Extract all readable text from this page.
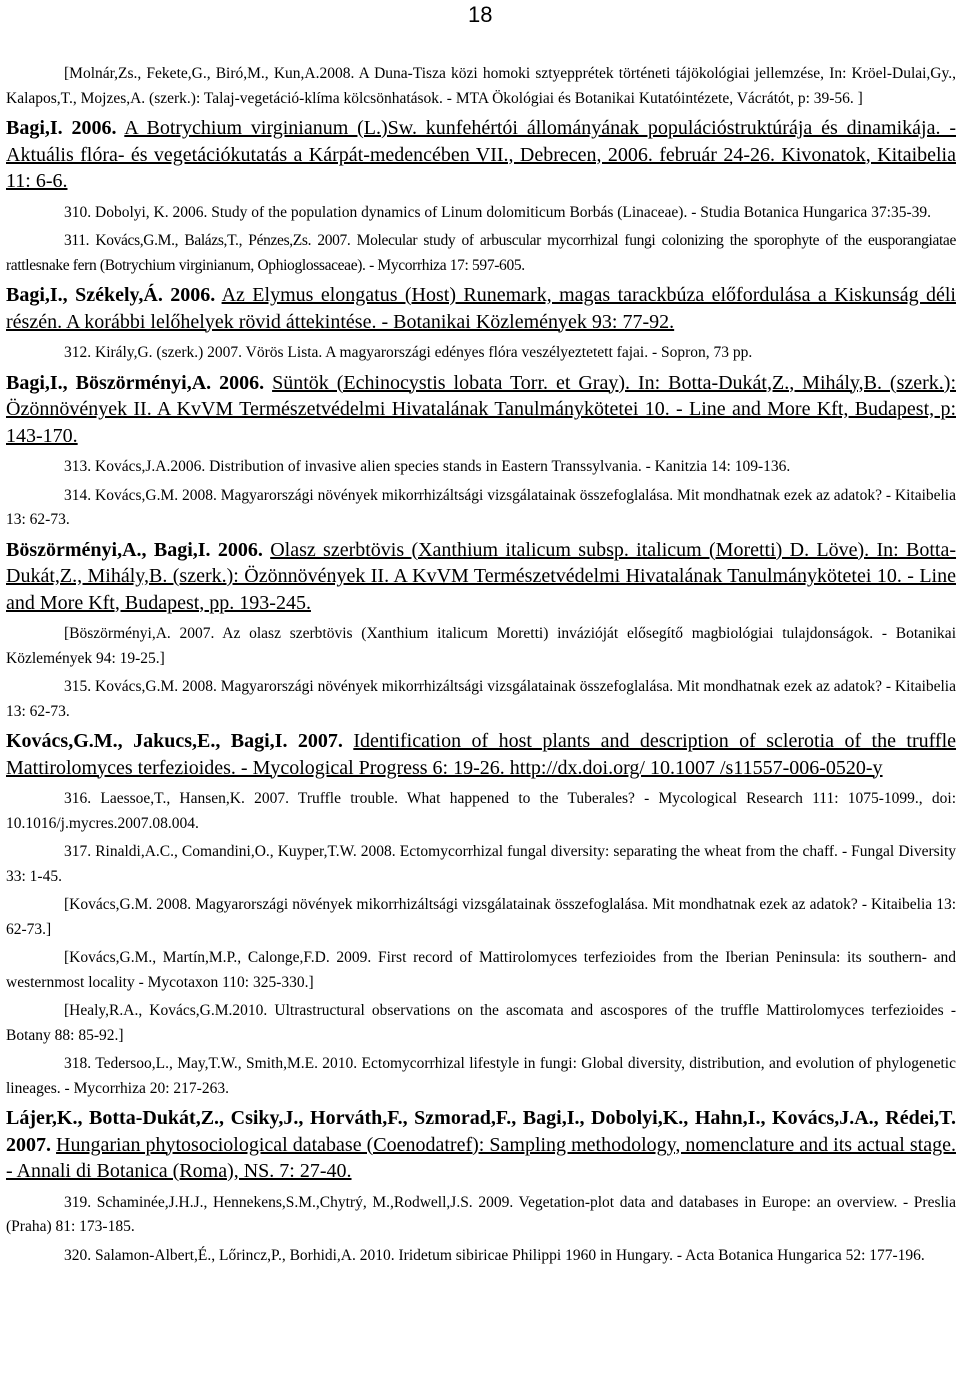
18

[Molnár,Zs., Fekete,G., Biró,M., Kun,A.2008. A Duna-Tisza közi homoki sztyepprétek történeti tájökológiai jellemzése, In: Kröel-Dulai,Gy., Kalapos,T., Mojzes,A. (szerk.): Talaj-vegetáció-klíma kölcsönhatások. - MTA Ökológiai és Botanikai Kutatóintézete, Vácrátót, p: 39-56. ]

Bagi,I. 2006. A Botrychium virginianum (L.)Sw. kunfehértói állományának populációstruktúrája és dinamikája. - Aktuális flóra- és vegetációkutatás a Kárpát-medencében VII., Debrecen, 2006. február 24-26. Kivonatok, Kitaibelia 11: 6-6.

310. Dobolyi, K. 2006. Study of the population dynamics of Linum dolomiticum Borbás (Linaceae). - Studia Botanica Hungarica 37:35-39.

311. Kovács,G.M., Balázs,T., Pénzes,Zs. 2007. Molecular study of arbuscular mycorrhizal fungi colonizing the sporophyte of the eusporangiatae rattlesnake fern (Botrychium virginianum, Ophioglossaceae). - Mycorrhiza 17: 597-605.

Bagi,I., Székely,Á. 2006. Az Elymus elongatus (Host) Runemark, magas tarackbúza előfordulása a Kiskunság déli részén. A korábbi lelőhelyek rövid áttekintése. - Botanikai Közlemények 93: 77-92.

312. Király,G. (szerk.) 2007. Vörös Lista. A magyarországi edényes flóra veszélyeztetett fajai. - Sopron, 73 pp.

Bagi,I., Böszörményi,A. 2006. Süntök (Echinocystis lobata Torr. et Gray). In: Botta-Dukát,Z., Mihály,B. (szerk.): Özönnövények II. A KvVM Természetvédelmi Hivatalának Tanulmánykötetei 10. - Line and More Kft, Budapest, p: 143-170.

313. Kovács,J.A.2006. Distribution of invasive alien species stands in Eastern Transsylvania. - Kanitzia 14: 109-136.

314. Kovács,G.M. 2008. Magyarországi növények mikorrhizáltsági vizsgálatainak összefoglalása. Mit mondhatnak ezek az adatok? - Kitaibelia 13: 62-73.

Böszörményi,A., Bagi,I. 2006. Olasz szerbtövis (Xanthium italicum subsp. italicum (Moretti) D. Löve). In: Botta-Dukát,Z., Mihály,B. (szerk.): Özönnövények II. A KvVM Természetvédelmi Hivatalának Tanulmánykötetei 10. - Line and More Kft, Budapest, pp. 193-245.

[Böszörményi,A. 2007. Az olasz szerbtövis (Xanthium italicum Moretti) invázióját elősegítő magbiológiai tulajdonságok. - Botanikai Közlemények 94: 19-25.]

315. Kovács,G.M. 2008. Magyarországi növények mikorrhizáltsági vizsgálatainak összefoglalása. Mit mondhatnak ezek az adatok? - Kitaibelia 13: 62-73.

Kovács,G.M., Jakucs,E., Bagi,I. 2007. Identification of host plants and description of sclerotia of the truffle Mattirolomyces terfezioides. - Mycological Progress 6: 19-26. http://dx.doi.org/ 10.1007 /s11557-006-0520-y

316. Laessoe,T., Hansen,K. 2007. Truffle trouble. What happened to the Tuberales? - Mycological Research 111: 1075-1099., doi: 10.1016/j.mycres.2007.08.004.

317. Rinaldi,A.C., Comandini,O., Kuyper,T.W. 2008. Ectomycorrhizal fungal diversity: separating the wheat from the chaff. - Fungal Diversity 33: 1-45.

[Kovács,G.M. 2008. Magyarországi növények mikorrhizáltsági vizsgálatainak összefoglalása. Mit mondhatnak ezek az adatok? - Kitaibelia 13: 62-73.]

[Kovács,G.M., Martín,M.P., Calonge,F.D. 2009. First record of Mattirolomyces terfezioides from the Iberian Peninsula: its southern- and westernmost locality - Mycotaxon 110: 325-330.]

[Healy,R.A., Kovács,G.M.2010. Ultrastructural observations on the ascomata and ascospores of the truffle Mattirolomyces terfezioides - Botany 88: 85-92.]

318. Tedersoo,L., May,T.W., Smith,M.E. 2010. Ectomycorrhizal lifestyle in fungi: Global diversity, distribution, and evolution of phylogenetic lineages. - Mycorrhiza 20: 217-263.

Lájer,K., Botta-Dukát,Z., Csiky,J., Horváth,F., Szmorad,F., Bagi,I., Dobolyi,K., Hahn,I., Kovács,J.A., Rédei,T. 2007. Hungarian phytosociological database (Coenodatref): Sampling methodology, nomenclature and its actual stage. - Annali di Botanica (Roma), NS. 7: 27-40.

319. Schaminée,J.H.J., Hennekens,S.M.,Chytrý, M.,Rodwell,J.S. 2009. Vegetation-plot data and databases in Europe: an overview. - Preslia (Praha) 81: 173-185.

320. Salamon-Albert,É., Lőrincz,P., Borhidi,A. 2010. Iridetum sibiricae Philippi 1960 in Hungary. - Acta Botanica Hungarica 52: 177-196.
